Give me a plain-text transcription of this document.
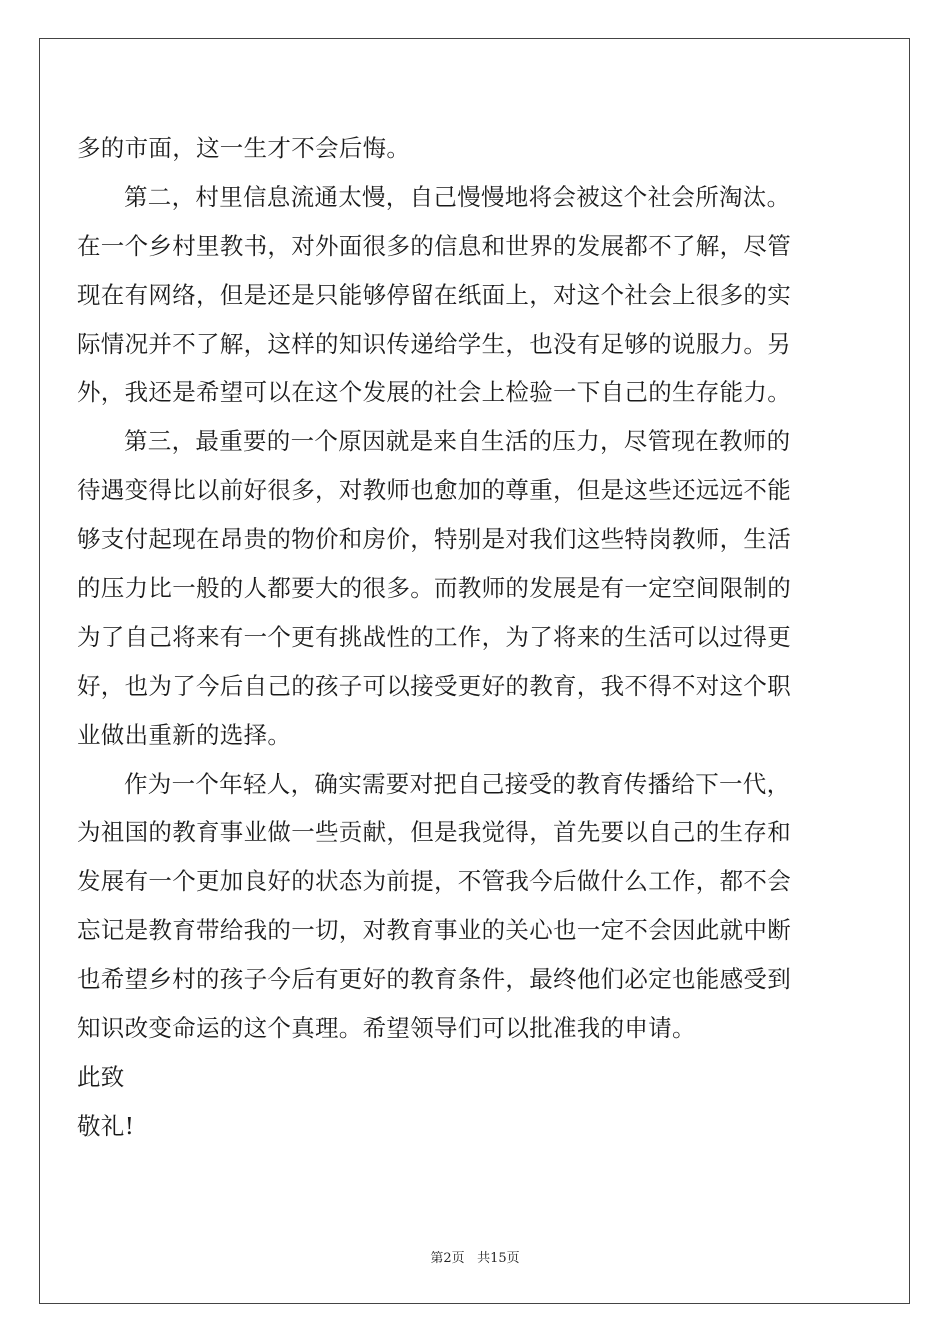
多的市面，这一生才不会后悔。
第二，村里信息流通太慢，自己慢慢地将会被这个社会所淘汰。
在一个乡村里教书，对外面很多的信息和世界的发展都不了解，尽管
现在有网络，但是还是只能够停留在纸面上，对这个社会上很多的实
际情况并不了解，这样的知识传递给学生，也没有足够的说服力。另
外，我还是希望可以在这个发展的社会上检验一下自己的生存能力。
第三，最重要的一个原因就是来自生活的压力，尽管现在教师的
待遇变得比以前好很多，对教师也愈加的尊重，但是这些还远远不能
够支付起现在昂贵的物价和房价，特别是对我们这些特岗教师，生活
的压力比一般的人都要大的很多。而教师的发展是有一定空间限制的
为了自己将来有一个更有挑战性的工作，为了将来的生活可以过得更
好，也为了今后自己的孩子可以接受更好的教育，我不得不对这个职
业做出重新的选择。
作为一个年轻人，确实需要对把自己接受的教育传播给下一代，
为祖国的教育事业做一些贡献，但是我觉得，首先要以自己的生存和
发展有一个更加良好的状态为前提，不管我今后做什么工作，都不会
忘记是教育带给我的一切，对教育事业的关心也一定不会因此就中断
也希望乡村的孩子今后有更好的教育条件，最终他们必定也能感受到
知识改变命运的这个真理。希望领导们可以批准我的申请。
此致
敬礼!
第2页 共15页
